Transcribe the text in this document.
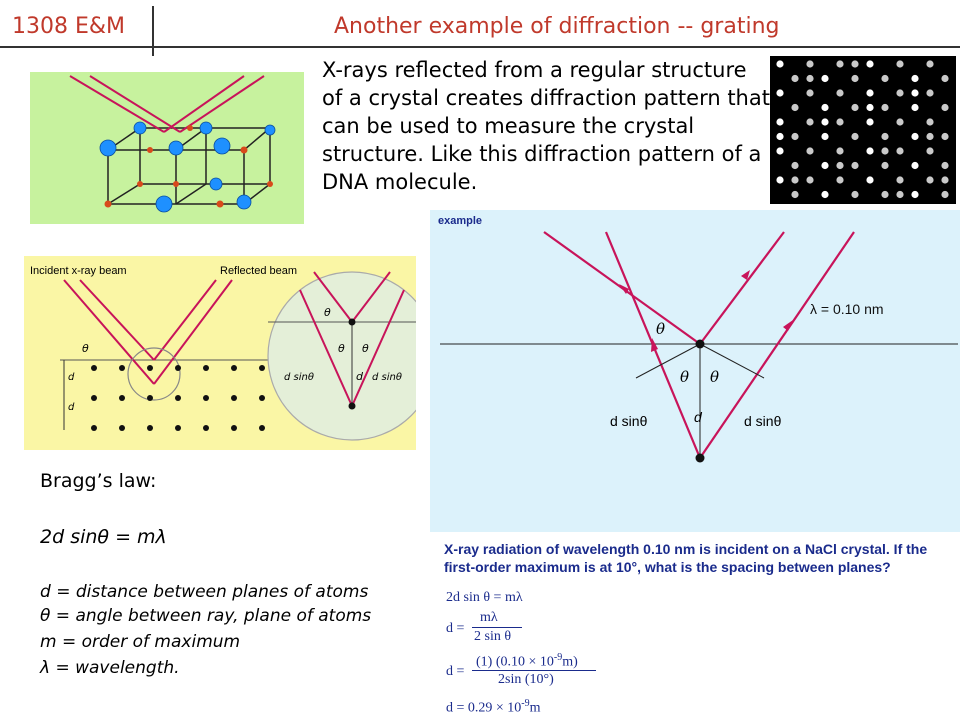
1308 E&M	Another example of diffraction -- grating
X-rays reflected from a regular structure of a crystal creates diffraction pattern that can be used to measure the crystal structure. Like this diffraction pattern of a DNA molecule.
Incident x-ray beam	Reflected beam
θ
d
d
θ
θ θ
d
d sinθ	d sinθ
Bragg’s law:
2d sinθ = mλ
d = distance between planes of atoms
θ = angle between ray, plane of atoms
m = order of maximum
λ = wavelength.
example
λ = 0.10 nm
θ
θ θ
d
d sinθ	d sinθ
X-ray radiation of wavelength 0.10 nm is incident on a NaCl crystal. If the first-order maximum is at 10°, what is the spacing between planes?
2d sin θ = mλ
d =
mλ
2 sin θ
d =
(1) $(0.10 \times 10^{-9}m)$
2sin (10°)
$d = 0.29 \times 10^{-9}m$
